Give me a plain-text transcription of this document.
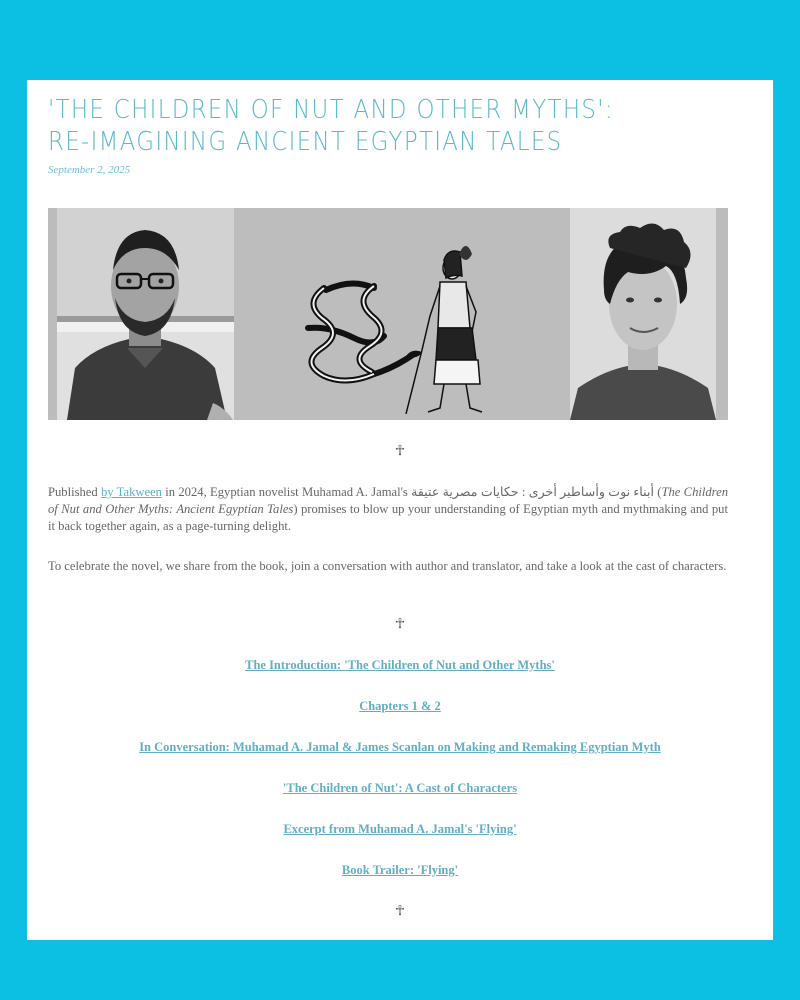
'THE CHILDREN OF NUT AND OTHER MYTHS': RE-IMAGINING ANCIENT EGYPTIAN TALES
September 2, 2025
☥

Published by Takween in 2024, Egyptian novelist Muhamad A. Jamal's أبناء نوت وأساطير أخرى : حكايات مصرية عتيقة (The Children of Nut and Other Myths: Ancient Egyptian Tales) promises to blow up your understanding of Egyptian myth and mythmaking and put it back together again, as a page-turning delight.

To celebrate the novel, we share from the book, join a conversation with author and translator, and take a look at the cast of characters.

☥
The Introduction: 'The Children of Nut and Other Myths'
Chapters 1 & 2
In Conversation: Muhamad A. Jamal & James Scanlan on Making and Remaking Egyptian Myth
'The Children of Nut': A Cast of Characters
Excerpt from Muhamad A. Jamal's 'Flying'
Book Trailer: 'Flying'
☥
